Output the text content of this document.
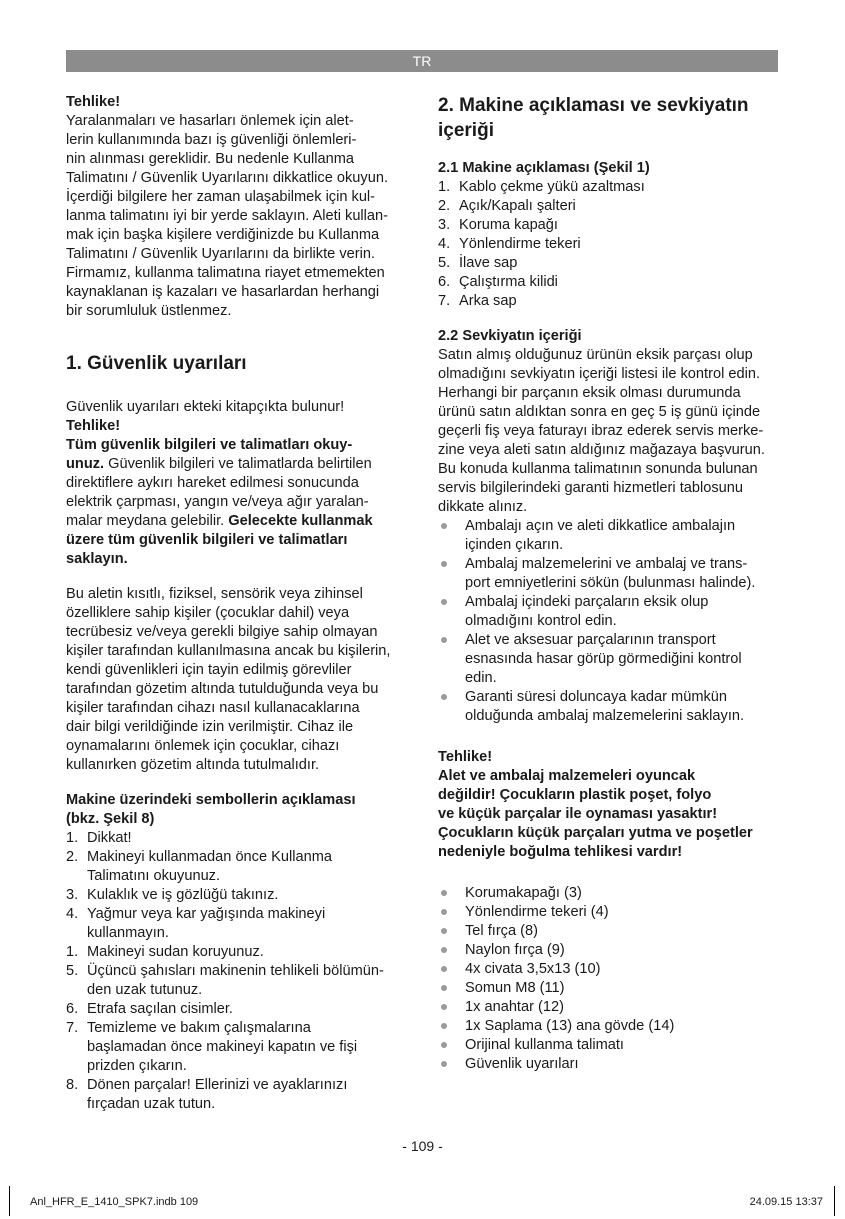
TR
Tehlike!
Yaralanmaları ve hasarları önlemek için alet-
lerin kullanımında bazı iş güvenliği önlemleri-
nin alınması gereklidir. Bu nedenle Kullanma
Talimatını / Güvenlik Uyarılarını dikkatlice okuyun.
İçerdiği bilgilere her zaman ulaşabilmek için kul-
lanma talimatını iyi bir yerde saklayın. Aleti kullan-
mak için başka kişilere verdiğinizde bu Kullanma
Talimatını / Güvenlik Uyarılarını da birlikte verin.
Firmamız, kullanma talimatına riayet etmemekten
kaynaklanan iş kazaları ve hasarlardan herhangi
bir sorumluluk üstlenmez.
1. Güvenlik uyarıları
Güvenlik uyarıları ekteki kitapçıkta bulunur!
Tehlike!
Tüm güvenlik bilgileri ve talimatları okuy-
unuz. Güvenlik bilgileri ve talimatlarda belirtilen
direktiflere aykırı hareket edilmesi sonucunda
elektrik çarpması, yangın ve/veya ağır yaralan-
malar meydana gelebilir. Gelecekte kullanmak
üzere tüm güvenlik bilgileri ve talimatları
saklayın.
Bu aletin kısıtlı, fiziksel, sensörik veya zihinsel
özelliklere sahip kişiler (çocuklar dahil) veya
tecrübesiz ve/veya gerekli bilgiye sahip olmayan
kişiler tarafından kullanılmasına ancak bu kişilerin,
kendi güvenlikleri için tayin edilmiş görevliler
tarafından gözetim altında tutulduğunda veya bu
kişiler tarafından cihazı nasıl kullanacaklarına
dair bilgi verildiğinde izin verilmiştir. Cihaz ile
oynamalarını önlemek için çocuklar, cihazı
kullanırken gözetim altında tutulmalıdır.
Makine üzerindeki sembollerin açıklaması
(bkz. Şekil 8)
1. Dikkat!
2. Makineyi kullanmadan önce Kullanma
Talimatını okuyunuz.
3. Kulaklık ve iş gözlüğü takınız.
4. Yağmur veya kar yağışında makineyi
kullanmayın.
1. Makineyi sudan koruyunuz.
5. Üçüncü şahısları makinenin tehlikeli bölümün-
den uzak tutunuz.
6. Etrafa saçılan cisimler.
7. Temizleme ve bakım çalışmalarına
başlamadan önce makineyi kapatın ve fişi
prizden çıkarın.
8. Dönen parçalar! Ellerinizi ve ayaklarınızı
fırçadan uzak tutun.
2. Makine açıklaması ve sevkiyatın
içeriği
2.1 Makine açıklaması (Şekil 1)
1. Kablo çekme yükü azaltması
2. Açık/Kapalı şalteri
3. Koruma kapağı
4. Yönlendirme tekeri
5. İlave sap
6. Çalıştırma kilidi
7. Arka sap
2.2 Sevkiyatın içeriği
Satın almış olduğunuz ürünün eksik parçası olup
olmadığını sevkiyatın içeriği listesi ile kontrol edin.
Herhangi bir parçanın eksik olması durumunda
ürünü satın aldıktan sonra en geç 5 iş günü içinde
geçerli fiş veya faturayı ibraz ederek servis merke-
zine veya aleti satın aldığınız mağazaya başvurun.
Bu konuda kullanma talimatının sonunda bulunan
servis bilgilerindeki garanti hizmetleri tablosunu
dikkate alınız.
Ambalajı açın ve aleti dikkatlice ambalajın
içinden çıkarın.
Ambalaj malzemelerini ve ambalaj ve trans-
port emniyetlerini sökün (bulunması halinde).
Ambalaj içindeki parçaların eksik olup
olmadığını kontrol edin.
Alet ve aksesuar parçalarının transport
esnasında hasar görüp görmediğini kontrol
edin.
Garanti süresi doluncaya kadar mümkün
olduğunda ambalaj malzemelerini saklayın.
Tehlike!
Alet ve ambalaj malzemeleri oyuncak
değildir! Çocukların plastik poşet, folyo
ve küçük parçalar ile oynaması yasaktır!
Çocukların küçük parçaları yutma ve poşetler
nedeniyle boğulma tehlikesi vardır!
Korumakapağı (3)
Yönlendirme tekeri (4)
Tel fırça (8)
Naylon fırça (9)
4x civata 3,5x13 (10)
Somun M8 (11)
1x anahtar (12)
1x Saplama (13) ana gövde (14)
Orijinal kullanma talimatı
Güvenlik uyarıları
- 109 -
Anl_HFR_E_1410_SPK7.indb 109	24.09.15 13:37
